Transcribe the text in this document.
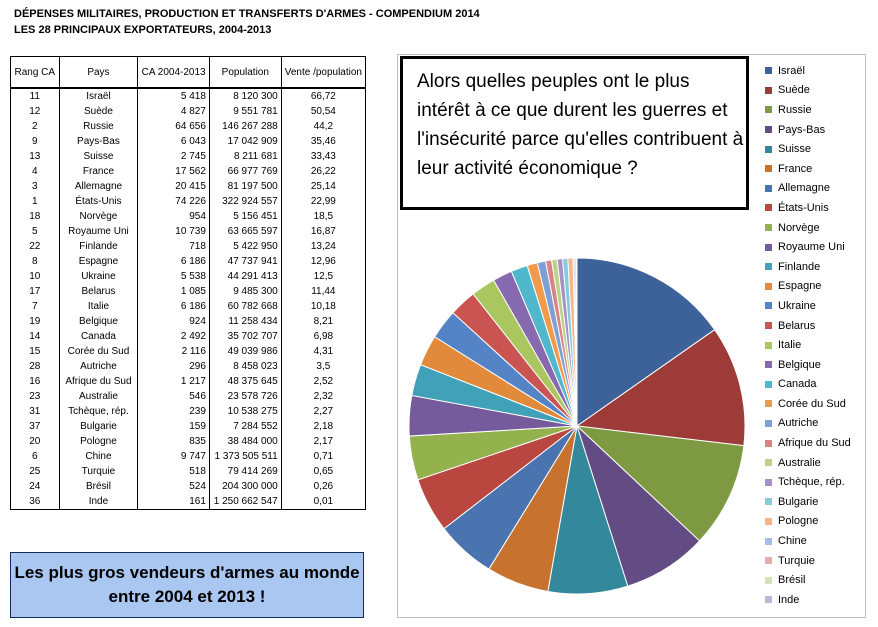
DÉPENSES MILITAIRES, PRODUCTION ET TRANSFERTS D'ARMES - COMPENDIUM 2014
LES 28 PRINCIPAUX EXPORTATEURS, 2004-2013
Rang CA	Pays	CA 2004-2013	Population	Vente /population
11	Israël	5 418	8 120 300	66,72
12	Suède	4 827	9 551 781	50,54
2	Russie	64 656	146 267 288	44,2
9	Pays-Bas	6 043	17 042 909	35,46
13	Suisse	2 745	8 211 681	33,43
4	France	17 562	66 977 769	26,22
3	Allemagne	20 415	81 197 500	25,14
1	États-Unis	74 226	322 924 557	22,99
18	Norvège	954	5 156 451	18,5
5	Royaume Uni	10 739	63 665 597	16,87
22	Finlande	718	5 422 950	13,24
8	Espagne	6 186	47 737 941	12,96
10	Ukraine	5 538	44 291 413	12,5
17	Belarus	1 085	9 485 300	11,44
7	Italie	6 186	60 782 668	10,18
19	Belgique	924	11 258 434	8,21
14	Canada	2 492	35 702 707	6,98
15	Corée du Sud	2 116	49 039 986	4,31
28	Autriche	296	8 458 023	3,5
16	Afrique du Sud	1 217	48 375 645	2,52
23	Australie	546	23 578 726	2,32
31	Tchèque, rép.	239	10 538 275	2,27
37	Bulgarie	159	7 284 552	2,18
20	Pologne	835	38 484 000	2,17
6	Chine	9 747	1 373 505 511	0,71
25	Turquie	518	79 414 269	0,65
24	Brésil	524	204 300 000	0,26
36	Inde	161	1 250 662 547	0,01
Les plus gros vendeurs d'armes au monde entre 2004 et 2013 !
Israël
Suède
Russie
Pays-Bas
Suisse
France
Allemagne
États-Unis
Norvège
Royaume Uni
Finlande
Espagne
Ukraine
Belarus
Italie
Belgique
Canada
Corée du Sud
Autriche
Afrique du Sud
Australie
Tchèque, rép.
Bulgarie
Pologne
Chine
Turquie
Brésil
Inde
Alors quelles peuples ont le plus intérêt à ce que durent les guerres et l'insécurité parce qu'elles contribuent à leur activité économique ?
